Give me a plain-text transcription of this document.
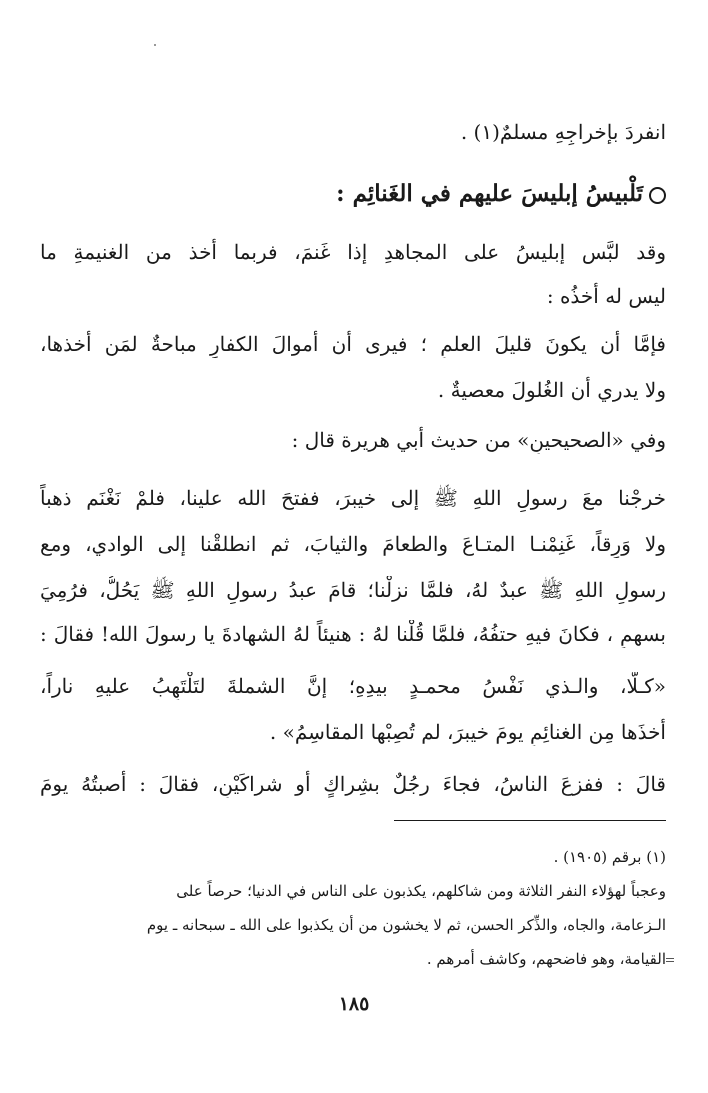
انفردَ بإخراجِهِ مسلمٌ(١) .
تَلْبيسُ إبليسَ عليهم في الغَنائِم :
وقد لبَّس إبليسُ على المجاهدِ إذا غَنمَ، فربما أَخذ من الغنيمةِ ما
ليس له أخذُه :
فإمَّا أن يكونَ قليلَ العلمِ ؛ فيرى أن أموالَ الكفارِ مباحةٌ لمَن أخذها،
ولا يدري أن الغُلولَ معصيةٌ .
وفي «الصحيحينِ» من حديث أَبي هريرة قال :
خرجْنا معَ رسولِ اللهِ ﷺ إلى خيبرَ، ففتحَ الله علينا، فلمْ نَغْنَم ذهباً
ولا وَرِقاً، غَنِمْنـا المتـاعَ والطعامَ والثيابَ، ثم انطلقْنا إلى الوادي، ومع
رسولِ اللهِ ﷺ عبدٌ لهُ، فلمَّا نزلْنا؛ قامَ عبدُ رسولِ اللهِ ﷺ يَحُلُّ، فرُمِيَ
بسهمٍ ، فكانَ فيهِ حتفُهُ، فلمَّا قُلْنا لهُ : هنيئاً لهُ الشهادةَ يا رسولَ الله! فقالَ :
«كـلَّا، والـذي نَفْسُ محمـدٍ بيدِهِ؛ إنَّ الشملةَ لتَلْتَهِبُ عليهِ ناراً،
أَخذَها مِن الغنائِمِ يومَ خيبرَ، لم تُصِبْها المقاسِمُ» .
قالَ : ففزعَ الناسُ، فجاءَ رجُلٌ بشِراكٍ أَو شراكَيْنِ، فقالَ : أصبتُهُ يومَ
(١) برقم (١٩٠٥) .
وعجباً لهؤلاء النفر الثلاثة ومن شاكلهم، يكذبون على الناس في الدنيا؛ حرصاً على
الـزعامة، والجاه، والذِّكر الحسن، ثم لا يخشون من أن يكذبوا على الله ـ سبحانه ـ يوم
القيامة، وهو فاضحهم، وكاشف أمرهم .
١٨٥
